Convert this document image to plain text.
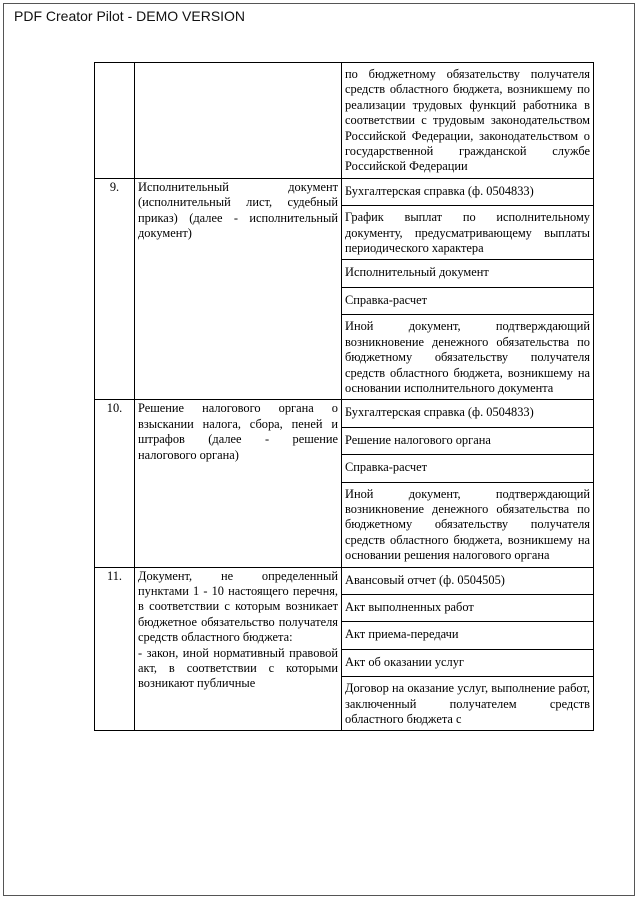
PDF Creator Pilot - DEMO VERSION

		по бюджетному обязательству получателя средств областного бюджета, возникшему по реализации трудовых функций работника в соответствии с трудовым законодательством Российской Федерации, законодательством о государственной гражданской службе Российской Федерации

9.	Исполнительный документ (исполнительный лист, судебный приказ) (далее - исполнительный документ)	Бухгалтерская справка (ф. 0504833)

		График выплат по исполнительному документу, предусматривающему выплаты периодического характера

		Исполнительный документ

		Справка-расчет

		Иной документ, подтверждающий возникновение денежного обязательства по бюджетному обязательству получателя средств областного бюджета, возникшему на основании исполнительного документа

10.	Решение налогового органа о взыскании налога, сбора, пеней и штрафов (далее - решение налогового органа)	Бухгалтерская справка (ф. 0504833)

		Решение налогового органа

		Справка-расчет

		Иной документ, подтверждающий возникновение денежного обязательства по бюджетному обязательству получателя средств областного бюджета, возникшему на основании решения налогового органа

11.	Документ, не определенный пунктами 1 - 10 настоящего перечня, в соответствии с которым возникает бюджетное обязательство получателя средств областного бюджета:
- закон, иной нормативный правовой акт, в соответствии с которыми возникают публичные	Авансовый отчет (ф. 0504505)

		Акт выполненных работ

		Акт приема-передачи

		Акт об оказании услуг

		Договор на оказание услуг, выполнение работ, заключенный получателем средств областного бюджета с
